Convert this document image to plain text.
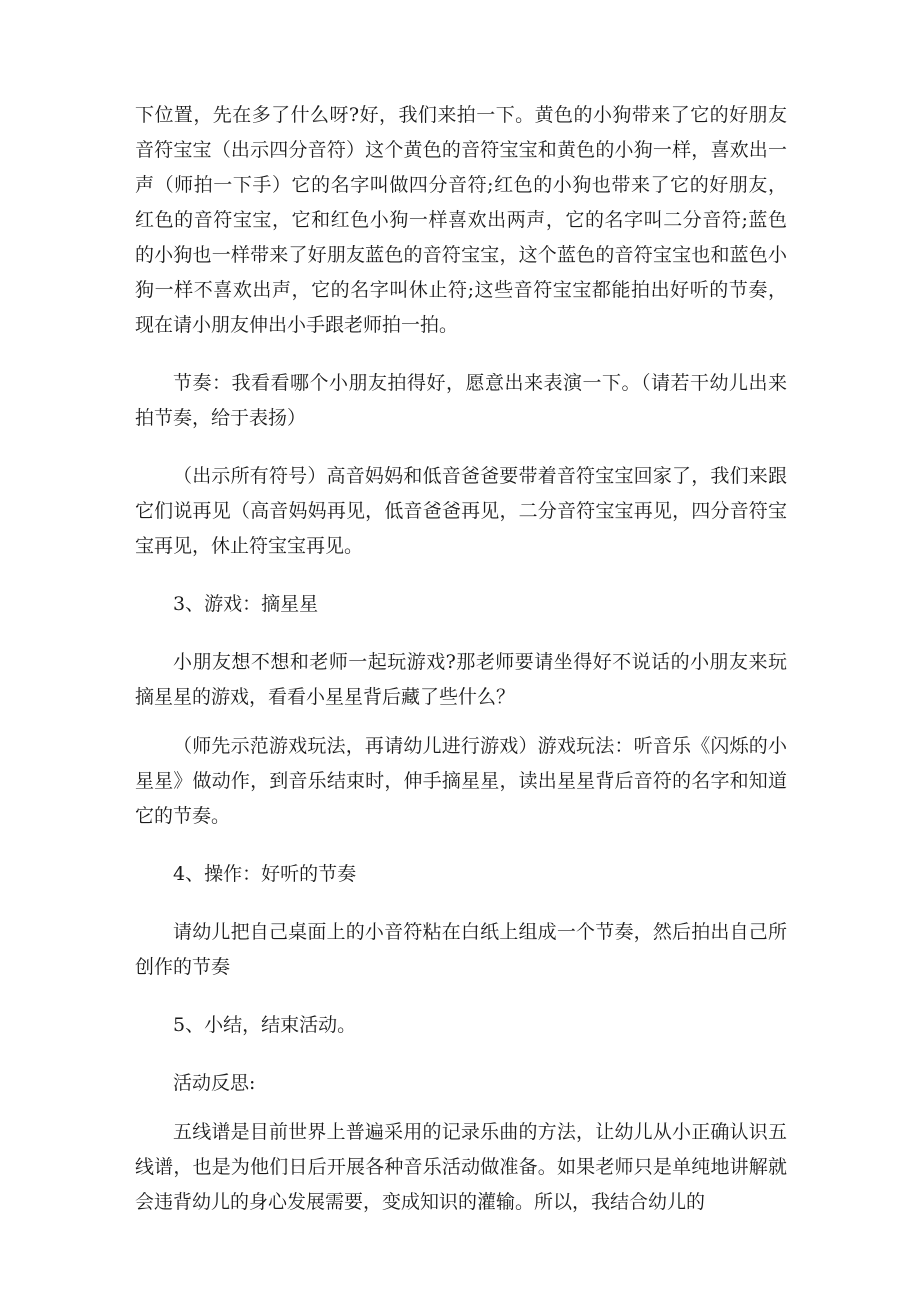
下位置，先在多了什么呀?好，我们来拍一下。黄色的小狗带来了它的好朋友音符宝宝（出示四分音符）这个黄色的音符宝宝和黄色的小狗一样，喜欢出一声（师拍一下手）它的名字叫做四分音符;红色的小狗也带来了它的好朋友，红色的音符宝宝，它和红色小狗一样喜欢出两声，它的名字叫二分音符;蓝色的小狗也一样带来了好朋友蓝色的音符宝宝，这个蓝色的音符宝宝也和蓝色小狗一样不喜欢出声，它的名字叫休止符;这些音符宝宝都能拍出好听的节奏，现在请小朋友伸出小手跟老师拍一拍。

节奏：我看看哪个小朋友拍得好，愿意出来表演一下。（请若干幼儿出来拍节奏，给于表扬）

（出示所有符号）高音妈妈和低音爸爸要带着音符宝宝回家了，我们来跟它们说再见（高音妈妈再见，低音爸爸再见，二分音符宝宝再见，四分音符宝宝再见，休止符宝宝再见。

3、游戏：摘星星

小朋友想不想和老师一起玩游戏?那老师要请坐得好不说话的小朋友来玩摘星星的游戏，看看小星星背后藏了些什么？

（师先示范游戏玩法，再请幼儿进行游戏）游戏玩法：听音乐《闪烁的小星星》做动作，到音乐结束时，伸手摘星星，读出星星背后音符的名字和知道它的节奏。

4、操作：好听的节奏

请幼儿把自己桌面上的小音符粘在白纸上组成一个节奏，然后拍出自己所创作的节奏

5、小结，结束活动。

活动反思:

五线谱是目前世界上普遍采用的记录乐曲的方法，让幼儿从小正确认识五线谱，也是为他们日后开展各种音乐活动做准备。如果老师只是单纯地讲解就会违背幼儿的身心发展需要，变成知识的灌输。所以，我结合幼儿的
